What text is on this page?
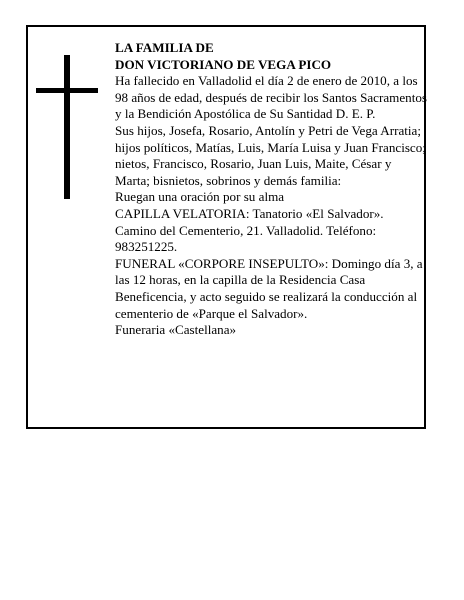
LA FAMILIA DE

DON VICTORIANO DE VEGA PICO

Ha fallecido en Valladolid el día 2 de enero de 2010, a los 98 años de edad, después de recibir los Santos Sacramentos y la Bendición Apostólica de Su Santidad D. E. P.

Sus hijos, Josefa, Rosario, Antolín y Petri de Vega Arratia; hijos políticos, Matías, Luis, María Luisa y Juan Francisco; nietos, Francisco, Rosario, Juan Luis, Maite, César y Marta; bisnietos, sobrinos y demás familia:

Ruegan una oración por su alma

CAPILLA VELATORIA: Tanatorio «El Salvador». Camino del Cementerio, 21. Valladolid. Teléfono: 983251225.

FUNERAL «CORPORE INSEPULTO»: Domingo día 3, a las 12 horas, en la capilla de la Residencia Casa Beneficencia, y acto seguido se realizará la conducción al cementerio de «Parque el Salvador».

Funeraria «Castellana»
